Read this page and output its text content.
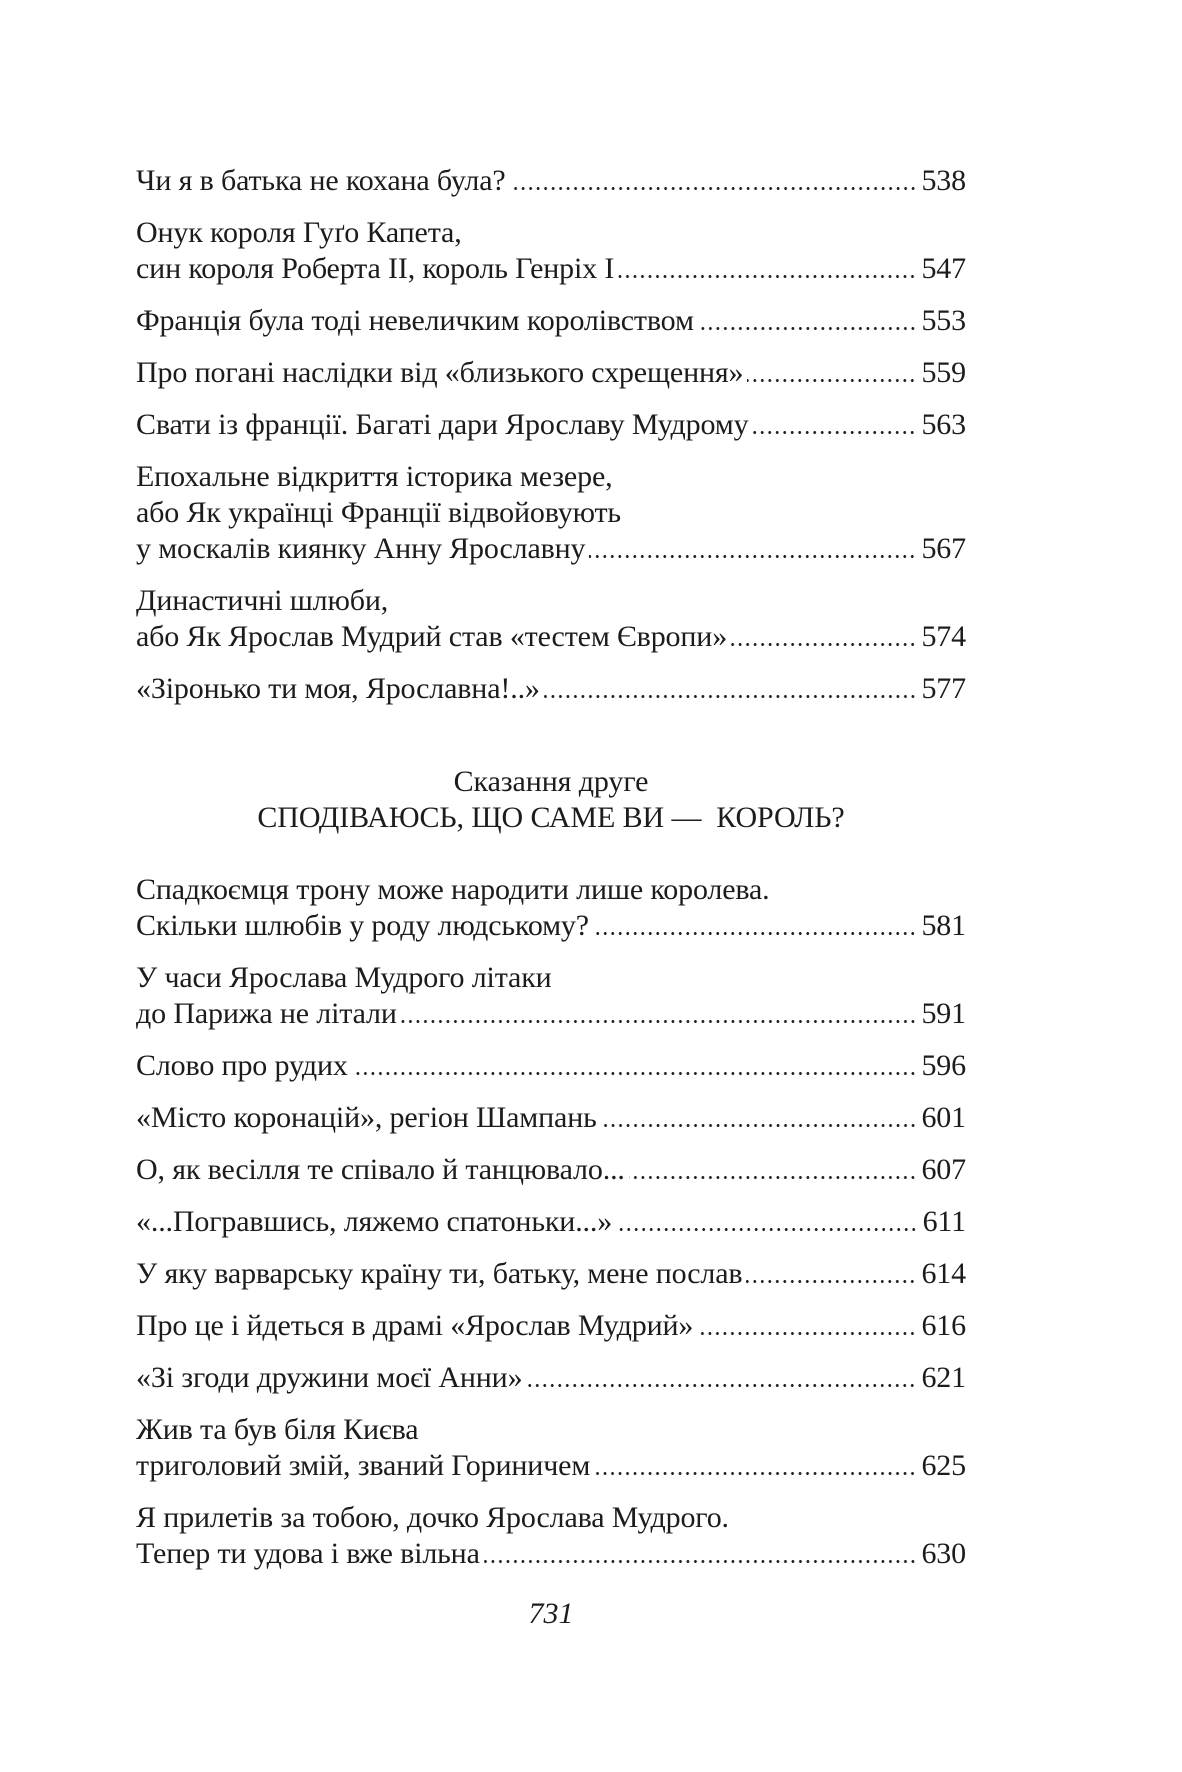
Чи я в батька не кохана була?	538

Онук короля Гуґо Капета,

син короля Роберта II, король Генріх I	547

Франція була тоді невеличким королівством	553

Про погані наслідки від «близького схрещення»	559

Свати із франції. Багаті дари Ярославу Мудрому	563

Епохальне відкриття історика мезере,

або Як українці Франції відвойовують

у москалів киянку Анну Ярославну	567

Династичні шлюби,

або Як Ярослав Мудрий став «тестем Європи»	574

«Зіронько ти моя, Ярославна!..»	577

Сказання друге

СПОДІВАЮСЬ, ЩО САМЕ ВИ — КОРОЛЬ?

Спадкоємця трону може народити лише королева.

Скільки шлюбів у роду людському?	581

У часи Ярослава Мудрого літаки

до Парижа не літали	591

Слово про рудих	596

«Місто коронацій», регіон Шампань	601

О, як весілля те співало й танцювало...	607

«...Погравшись, ляжемо спатоньки...»	611

У яку варварську країну ти, батьку, мене послав	614

Про це і йдеться в драмі «Ярослав Мудрий»	616

«Зі згоди дружини моєї Анни»	621

Жив та був біля Києва

триголовий змій, званий Гориничем	625

Я прилетів за тобою, дочко Ярослава Мудрого.

Тепер ти удова і вже вільна	630

731
